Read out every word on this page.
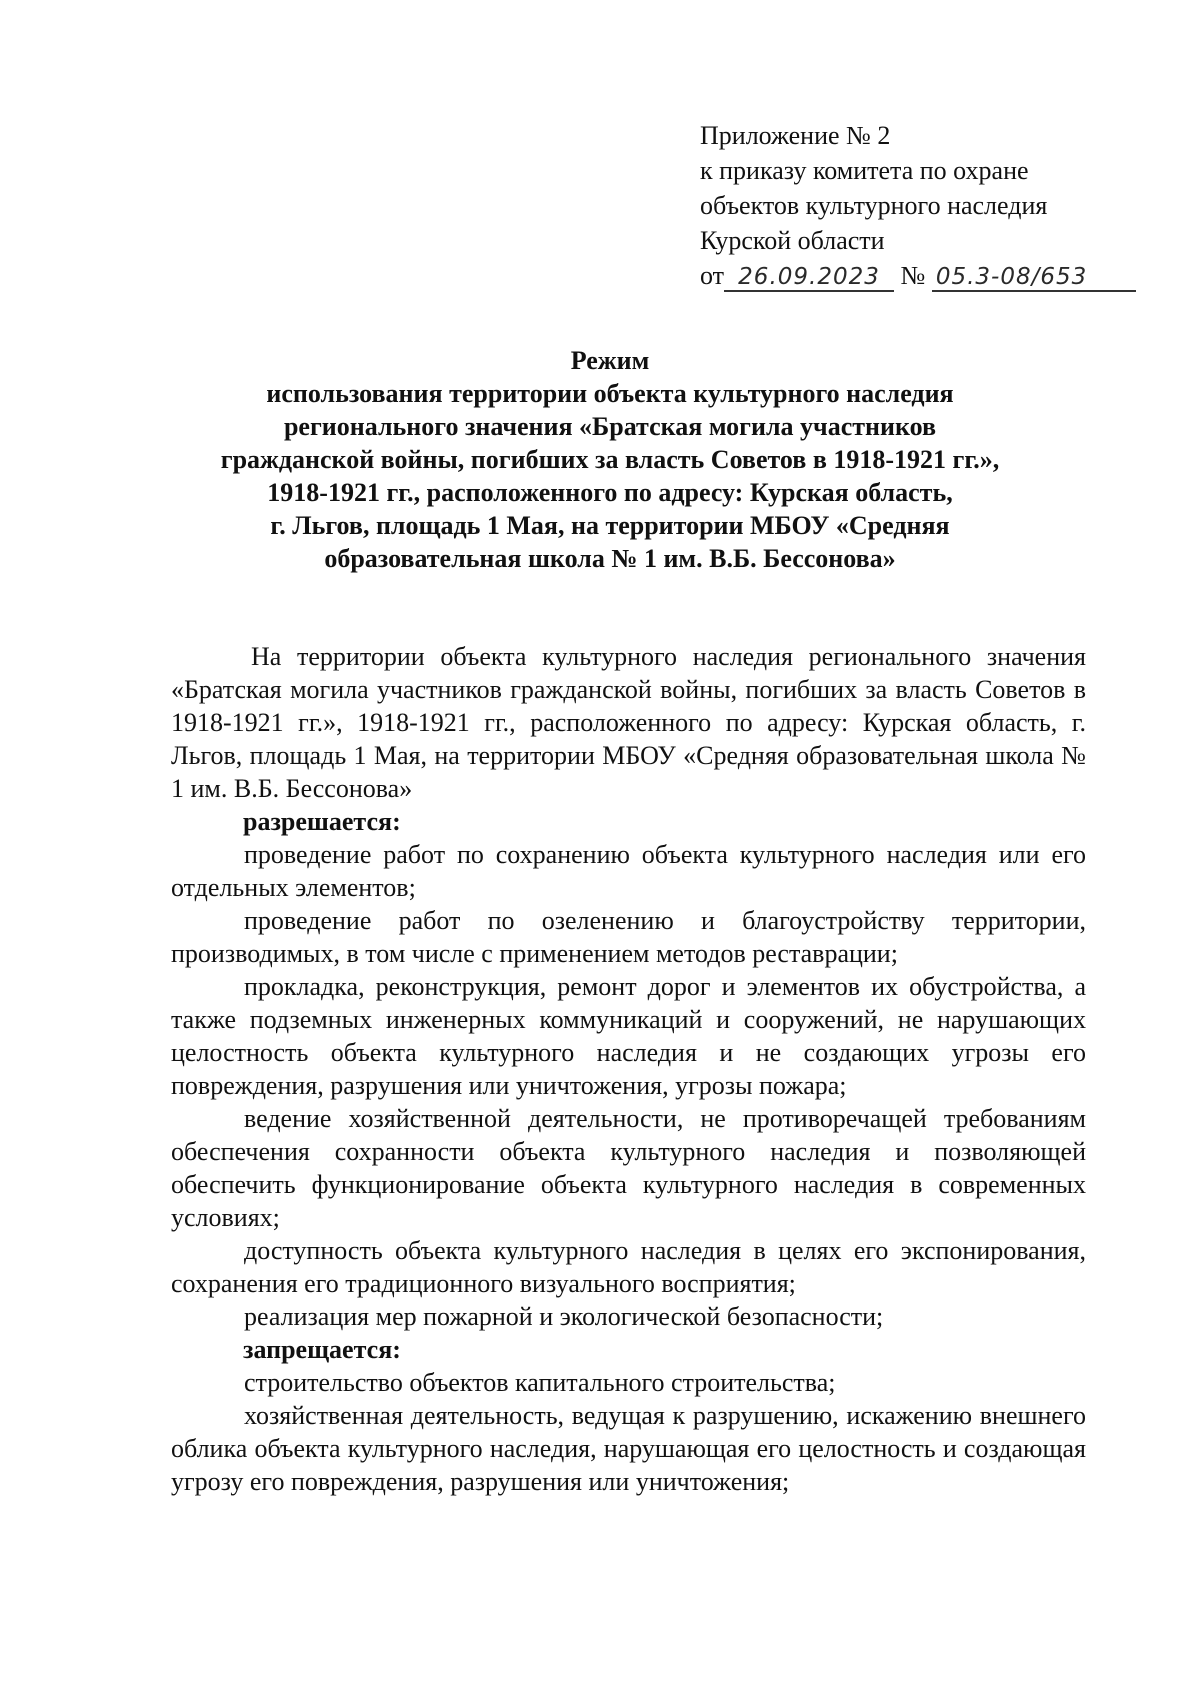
Приложение № 2
к приказу комитета по охране
объектов культурного наследия
Курской области
от 26.09.2023 № 05.3-08/653
Режим
использования территории объекта культурного наследия
регионального значения «Братская могила участников
гражданской войны, погибших за власть Советов в 1918-1921 гг.»,
1918-1921 гг., расположенного по адресу: Курская область,
г. Льгов, площадь 1 Мая, на территории МБОУ «Средняя
образовательная школа № 1 им. В.Б. Бессонова»
На территории объекта культурного наследия регионального значения «Братская могила участников гражданской войны, погибших за власть Советов в 1918-1921 гг.», 1918-1921 гг., расположенного по адресу: Курская область, г. Льгов, площадь 1 Мая, на территории МБОУ «Средняя образовательная школа № 1 им. В.Б. Бессонова»
разрешается:
проведение работ по сохранению объекта культурного наследия или его отдельных элементов;
проведение работ по озеленению и благоустройству территории, производимых, в том числе с применением методов реставрации;
прокладка, реконструкция, ремонт дорог и элементов их обустройства, а также подземных инженерных коммуникаций и сооружений, не нарушающих целостность объекта культурного наследия и не создающих угрозы его повреждения, разрушения или уничтожения, угрозы пожара;
ведение хозяйственной деятельности, не противоречащей требованиям обеспечения сохранности объекта культурного наследия и позволяющей обеспечить функционирование объекта культурного наследия в современных условиях;
доступность объекта культурного наследия в целях его экспонирования, сохранения его традиционного визуального восприятия;
реализация мер пожарной и экологической безопасности;
запрещается:
строительство объектов капитального строительства;
хозяйственная деятельность, ведущая к разрушению, искажению внешнего облика объекта культурного наследия, нарушающая его целостность и создающая угрозу его повреждения, разрушения или уничтожения;
